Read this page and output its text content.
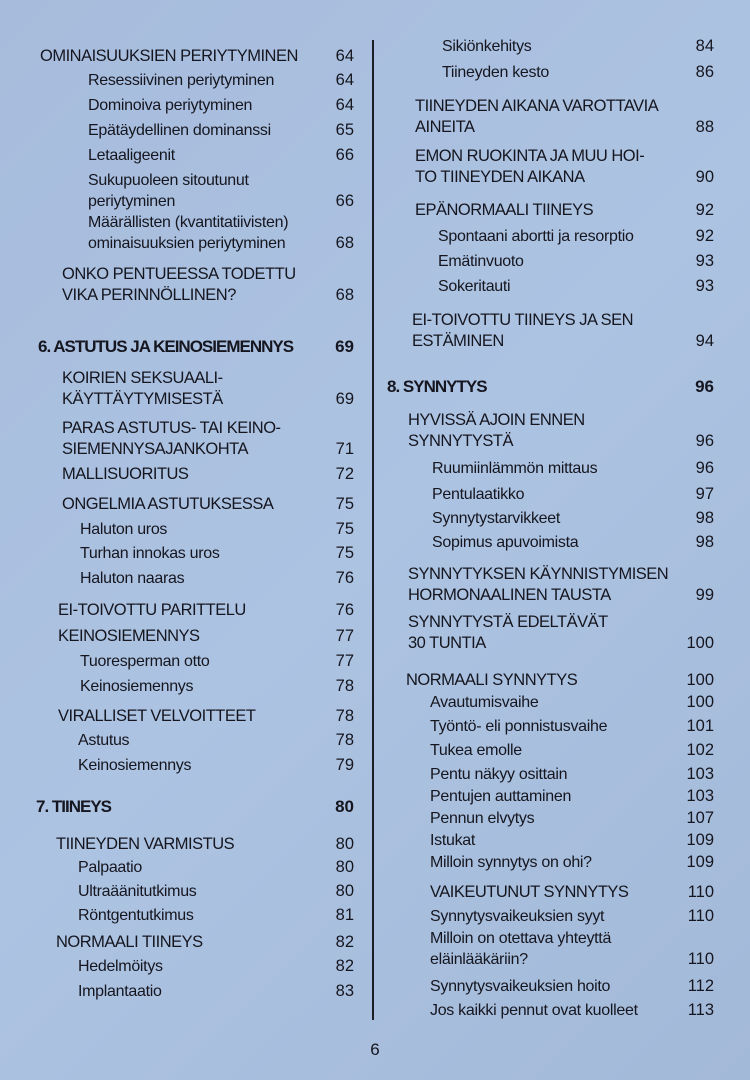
OMINAISUUKSIEN PERIYTYMINEN	64
Resessiivinen periytyminen	64
Dominoiva periytyminen	64
Epätäydellinen dominanssi	65
Letaaligeenit	66
Sukupuoleen sitoutunut
periytyminen	66
Määrällisten (kvantitatiivisten)
ominaisuuksien periytyminen	68
ONKO PENTUEESSA TODETTU
VIKA PERINNÖLLINEN?	68
6. ASTUTUS JA KEINOSIEMENNYS	69
KOIRIEN SEKSUAALI-
KÄYTTÄYTYMISESTÄ	69
PARAS ASTUTUS- TAI KEINO-
SIEMENNYSAJANKOHTA	71
MALLISUORITUS	72
ONGELMIA ASTUTUKSESSA	75
Haluton uros	75
Turhan innokas uros	75
Haluton naaras	76
EI-TOIVOTTU PARITTELU	76
KEINOSIEMENNYS	77
Tuoresperman otto	77
Keinosiemennys	78
VIRALLISET VELVOITTEET	78
Astutus	78
Keinosiemennys	79
7. TIINEYS	80
TIINEYDEN VARMISTUS	80
Palpaatio	80
Ultraäänitutkimus	80
Röntgentutkimus	81
NORMAALI TIINEYS	82
Hedelmöitys	82
Implantaatio	83
Sikiönkehitys	84
Tiineyden kesto	86
TIINEYDEN AIKANA VAROTTAVIA
AINEITA	88
EMON RUOKINTA JA MUU HOI-
TO TIINEYDEN AIKANA	90
EPÄNORMAALI TIINEYS	92
Spontaani abortti ja resorptio	92
Emätinvuoto	93
Sokeritauti	93
EI-TOIVOTTU TIINEYS JA SEN
ESTÄMINEN	94
8. SYNNYTYS	96
HYVISSÄ AJOIN ENNEN
SYNNYTYSTÄ	96
Ruumiinlämmön mittaus	96
Pentulaatikko	97
Synnytystarvikkeet	98
Sopimus apuvoimista	98
SYNNYTYKSEN KÄYNNISTYMISEN
HORMONAALINEN TAUSTA	99
SYNNYTYSTÄ EDELTÄVÄT
30 TUNTIA	100
NORMAALI SYNNYTYS	100
Avautumisvaihe	100
Työntö- eli ponnistusvaihe	101
Tukea emolle	102
Pentu näkyy osittain	103
Pentujen auttaminen	103
Pennun elvytys	107
Istukat	109
Milloin synnytys on ohi?	109
VAIKEUTUNUT SYNNYTYS	110
Synnytysvaikeuksien syyt	110
Milloin on otettava yhteyttä
eläinlääkäriin?	110
Synnytysvaikeuksien hoito	112
Jos kaikki pennut ovat kuolleet	113
6
